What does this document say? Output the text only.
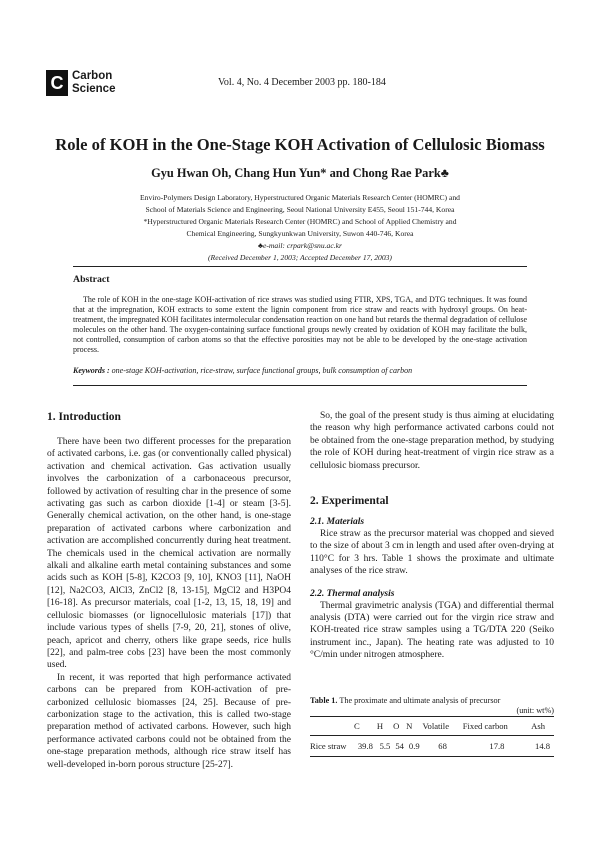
C Carbon
Science	Vol. 4, No. 4 December 2003 pp. 180-184
Role of KOH in the One-Stage KOH Activation of Cellulosic Biomass
Gyu Hwan Oh, Chang Hun Yun* and Chong Rae Park♣
Enviro-Polymers Design Laboratory, Hyperstructured Organic Materials Research Center (HOMRC) and
School of Materials Science and Engineering, Seoul National University E455, Seoul 151-744, Korea
*Hyperstructured Organic Materials Research Center (HOMRC) and School of Applied Chemistry and
Chemical Engineering, Sungkyunkwan University, Suwon 440-746, Korea
♣e-mail: crpark@snu.ac.kr
(Received December 1, 2003; Accepted December 17, 2003)
Abstract
The role of KOH in the one-stage KOH-activation of rice straws was studied using FTIR, XPS, TGA, and DTG techniques. It was found that at the impregnation, KOH extracts to some extent the lignin component from rice straw and reacts with hydroxyl groups. On heat-treatment, the impregnated KOH facilitates intermolecular condensation reaction on one hand but retards the thermal degradation of cellulose molecules on the other hand. The oxygen-containing surface functional groups newly created by oxidation of KOH may facilitate the bulk, not controlled, consumption of carbon atoms so that the effective porosities may not be able to be developed by the one-stage activation process.
Keywords : one-stage KOH-activation, rice-straw, surface functional groups, bulk consumption of carbon
1. Introduction
There have been two different processes for the preparation of activated carbons, i.e. gas (or conventionally called physical) activation and chemical activation. Gas activation usually involves the carbonization of a carbonaceous precursor, followed by activation of resulting char in the presence of some activating gas such as carbon dioxide [1-4] or steam [3-5]. Generally chemical activation, on the other hand, is one-stage preparation of activated carbons where carbonization and activation are accomplished concurrently during heat treatment. The chemicals used in the chemical activation are normally alkali and alkaline earth metal containing substances and some acids such as KOH [5-8], K2CO3 [9, 10], KNO3 [11], NaOH [12], Na2CO3, AlCl3, ZnCl2 [8, 13-15], MgCl2 and H3PO4 [16-18]. As precursor materials, coal [1-2, 13, 15, 18, 19] and cellulosic biomasses (or lignocellulosic materials [17]) that include various types of shells [7-9, 20, 21], stones of olive, peach, apricot and cherry, others like grape seeds, rice hulls [22], and palm-tree cobs [23] have been the most commonly used.
In recent, it was reported that high performance activated carbons can be prepared from KOH-activation of pre-carbonized cellulosic biomasses [24, 25]. Because of pre-carbonization stage to the activation, this is called two-stage preparation method of activated carbons. However, such high performance activated carbons could not be obtained from the one-stage preparation methods, although rice straw itself has well-developed in-born porous structure [25-27].
So, the goal of the present study is thus aiming at elucidating the reason why high performance activated carbons could not be obtained from the one-stage preparation method, by studying the role of KOH during heat-treatment of virgin rice straw as a cellulosic biomass precursor.
2. Experimental
2.1. Materials
Rice straw as the precursor material was chopped and sieved to the size of about 3 cm in length and used after oven-drying at 110°C for 3 hrs. Table 1 shows the proximate and ultimate analyses of the rice straw.
2.2. Thermal analysis
Thermal gravimetric analysis (TGA) and differential thermal analysis (DTA) were carried out for the virgin rice straw and KOH-treated rice straw samples using a TG/DTA 220 (Seiko instrument inc., Japan). The heating rate was adjusted to 10 °C/min under nitrogen atmosphere.
Table 1. The proximate and ultimate analysis of precursor
(unit: wt%)
	C	H	O	N	Volatile	Fixed carbon	Ash
Rice straw	39.8	5.5	54	0.9	68	17.8	14.8
